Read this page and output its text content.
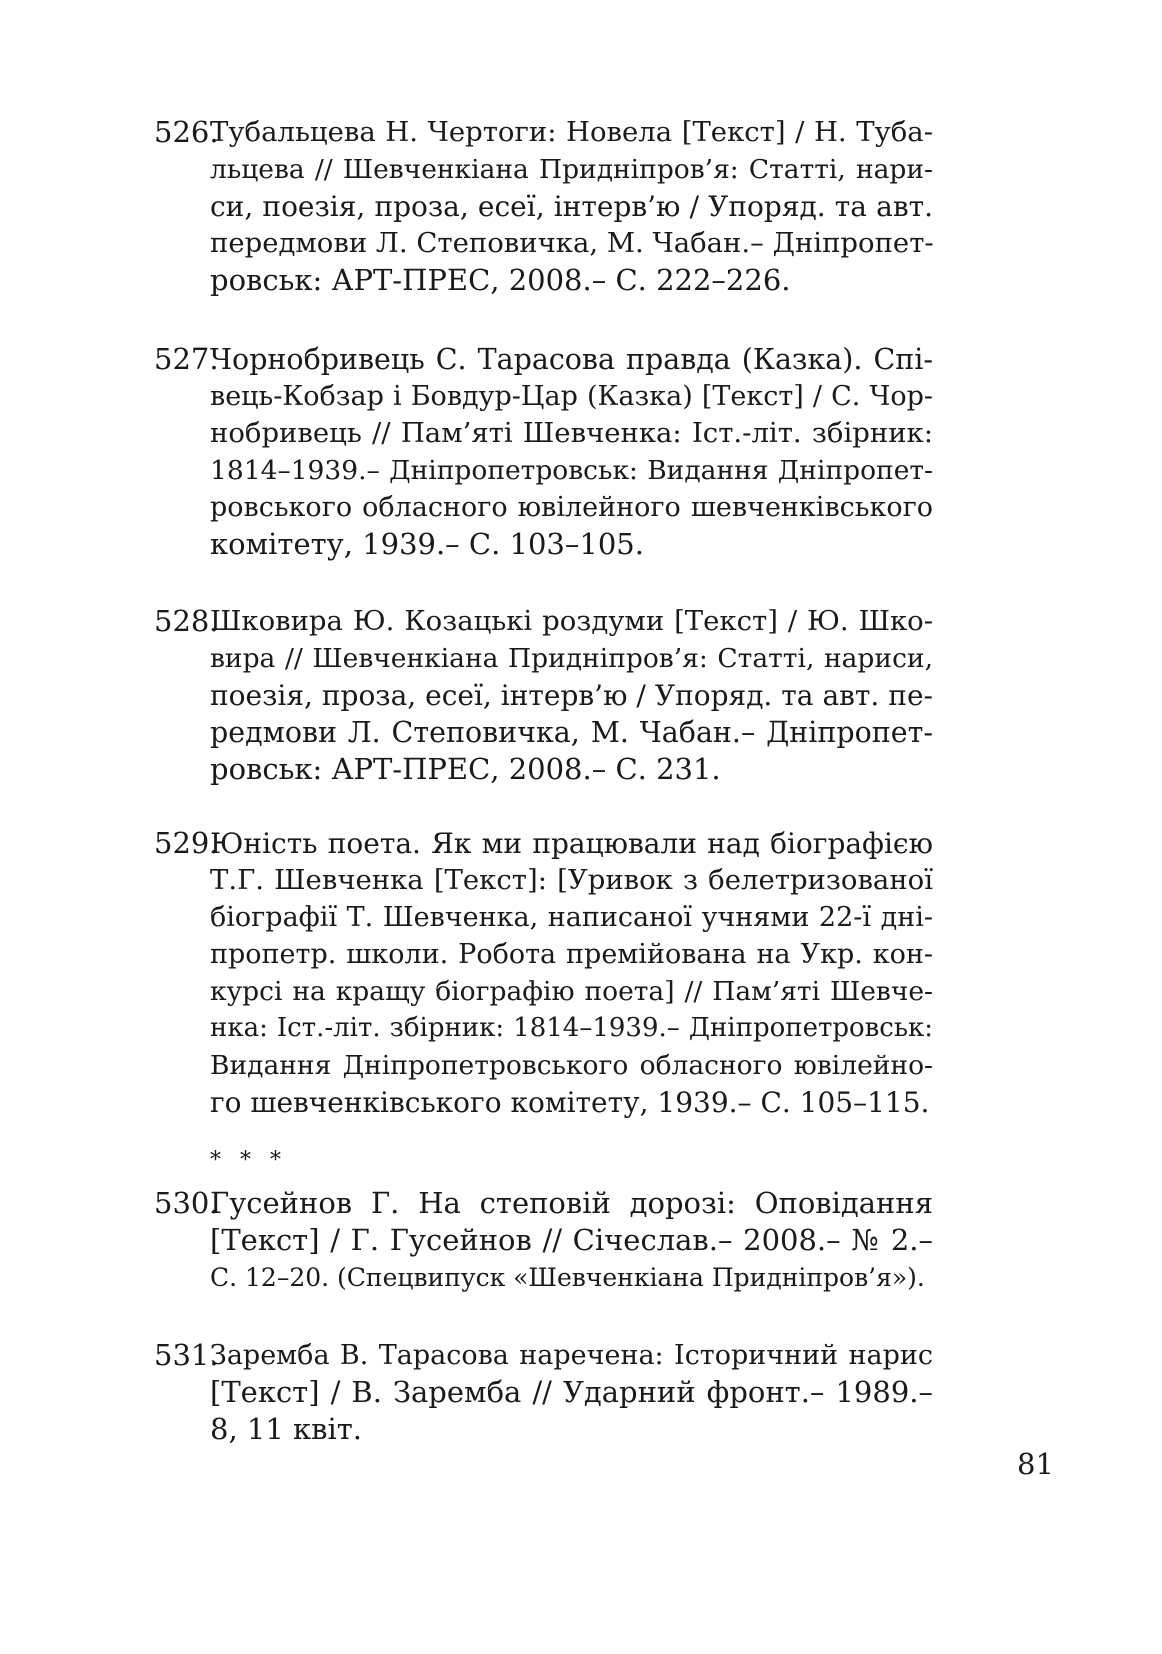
526.
Тубальцева Н. Чертоги: Новела [Текст] / Н. Туба-
льцева // Шевченкіана Придніпров’я: Статті, нари-
си, поезія, проза, есеї, інтерв’ю / Упоряд. та авт.
передмови Л. Степовичка, М. Чабан.– Дніпропет-
ровськ: АРТ-ПРЕС, 2008.– С. 222–226.
527.
Чорнобривець С. Тарасова правда (Казка). Спі-
вець-Кобзар і Бовдур-Цар (Казка) [Текст] / С. Чор-
нобривець // Пам’яті Шевченка: Іст.-літ. збірник:
1814–1939.– Дніпропетровськ: Видання Дніпропет-
ровського обласного ювілейного шевченківського
комітету, 1939.– С. 103–105.
528.
Шковира Ю. Козацькі роздуми [Текст] / Ю. Шко-
вира // Шевченкіана Придніпров’я: Статті, нариси,
поезія, проза, есеї, інтерв’ю / Упоряд. та авт. пе-
редмови Л. Степовичка, М. Чабан.– Дніпропет-
ровськ: АРТ-ПРЕС, 2008.– С. 231.
529.
Юність поета. Як ми працювали над біографією
Т.Г. Шевченка [Текст]: [Уривок з белетризованої
біографії Т. Шевченка, написаної учнями 22-ї дні-
пропетр. школи. Робота премійована на Укр. кон-
курсі на кращу біографію поета] // Пам’яті Шевче-
нка: Іст.-літ. збірник: 1814–1939.– Дніпропетровськ:
Видання Дніпропетровського обласного ювілейно-
го шевченківського комітету, 1939.– С. 105–115.
* * *
530.
Гусейнов Г. На степовій дорозі: Оповідання
[Текст] / Г. Гусейнов // Січеслав.– 2008.– № 2.–
С. 12–20. (Спецвипуск «Шевченкіана Придніпров’я»).
531.
Заремба В. Тарасова наречена: Історичний нарис
[Текст] / В. Заремба // Ударний фронт.– 1989.–
8, 11 квіт.
81
